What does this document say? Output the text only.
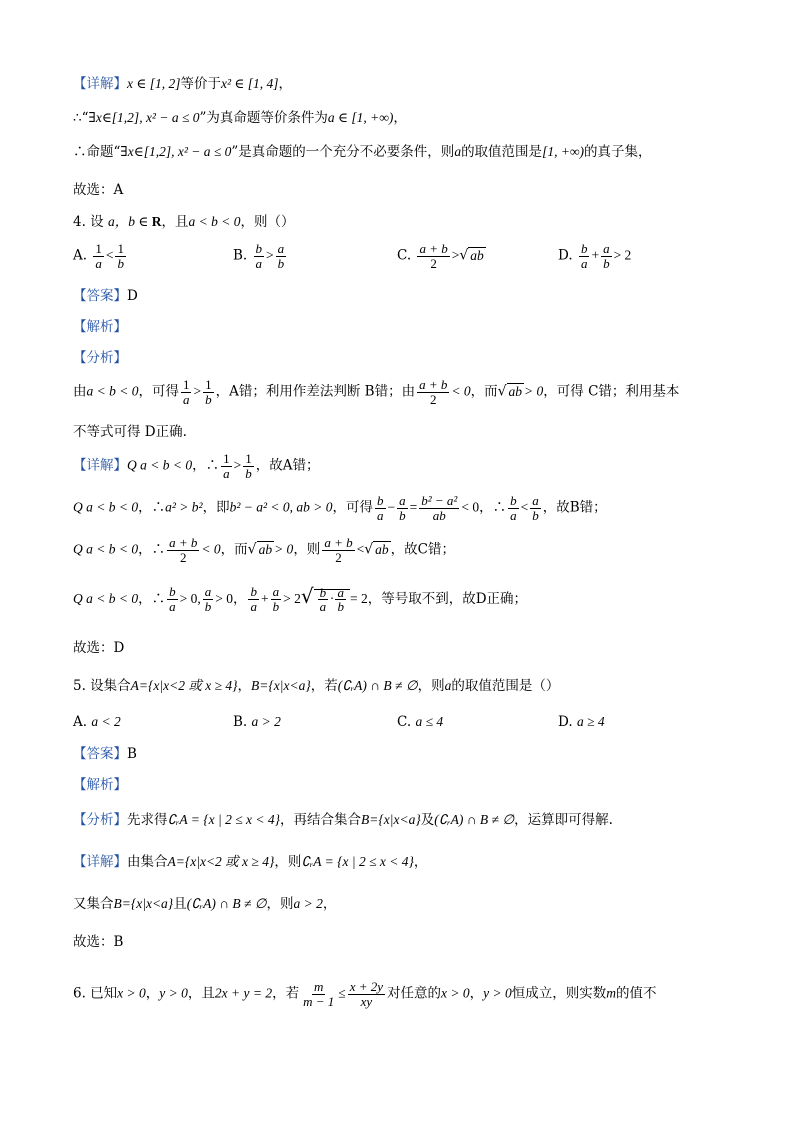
【详解】x ∈ [1, 2]等价于x² ∈ [1, 4]，
∴“∃x∈[1,2], x² − a ≤ 0”为真命题等价条件为a ∈ [1, +∞)，
∴命题“∃x∈[1,2], x² − a ≤ 0”是真命题的一个充分不必要条件，则a的取值范围是[1, +∞)的真子集，
故选：A
4. 设 a，b ∈ R，且a < b < 0，则（）
A. $\frac{1}{a} < \frac{1}{b}$	B. $\frac{b}{a} > \frac{a}{b}$	C. $\frac{a + b}{2}$ >√ ab	D. $\frac{b}{a} + \frac{a}{b} > 2$
【答案】D
【解析】
【分析】
由a < b < 0，可得 $\frac{1}{a} > \frac{1}{b}$ ，A错；利用作差法判断 B错；由 $\frac{a + b}{2} < 0$，而√ ab > 0，可得 C错；利用基本
不等式可得 D正确.
【详解】Q a < b < 0，∴ $\frac{1}{a} > \frac{1}{b}$ ，故A错；
Q a < b < 0，∴a² > b²，即b² − a² < 0, ab > 0，可得 $\frac{b}{a} - \frac{a}{b} = \frac{\text{b² − a²}}{ab} < 0$，∴ $\frac{b}{a} < \frac{a}{b}$ ，故B错；
Q a < b < 0，∴ $\frac{a + b}{2} < 0$，而√ ab > 0，则 $\frac{a + b}{2}$ <√ ab ，故C错；
Q a < b < 0，∴ $\frac{b}{a} > 0$, $\frac{a}{b} > 0$， $\frac{b}{a} + \frac{a}{b} > 2√ \frac{b}{a} \cdot \frac{a}{b} = 2$，等号取不到，故D正确；
故选：D
5. 设集合A={x|x<2 或 x ≥ 4}，B={x|x<a}，若(∁ᵣA) ∩ B ≠ ∅，则a的取值范围是（）
A. a < 2	B. a > 2	C. a ≤ 4	D. a ≥ 4
【答案】B
【解析】
【分析】先求得∁ᵣA = {x | 2 ≤ x < 4}，再结合集合B={x|x<a}及(∁ᵣA) ∩ B ≠ ∅，运算即可得解.
【详解】由集合A={x|x<2 或 x ≥ 4}，则∁ᵣA = {x | 2 ≤ x < 4}，
又集合B={x|x<a}且(∁ᵣA) ∩ B ≠ ∅，则a > 2，
故选：B
6. 已知x > 0，y > 0，且2x + y = 2，若 $\frac{m}{m - 1} \le \frac{x + 2y}{xy}$ 对任意的x > 0，y > 0恒成立，则实数m的值不
